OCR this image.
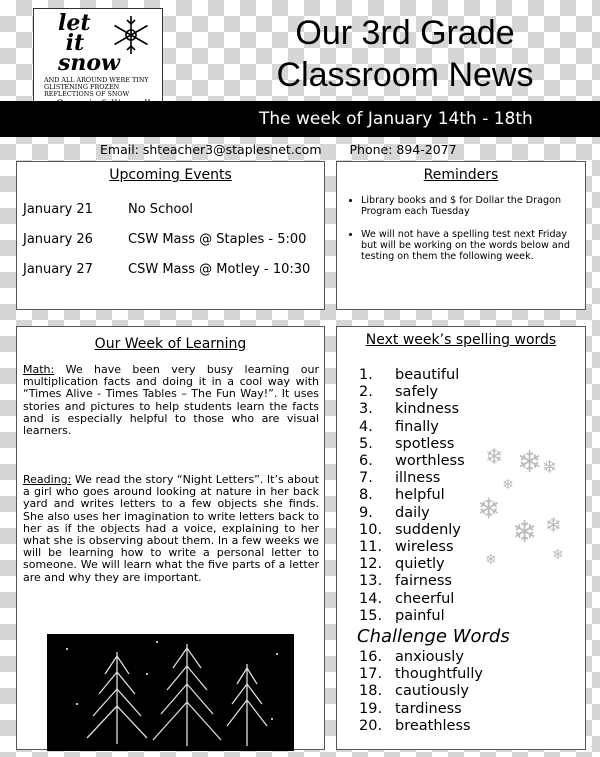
let
it
snow
AND ALL AROUND WERE TINY GLISTENING FROZEN REFLECTIONS OF SNOW
Our 3rd Grade
Classroom News
The week of January 14th - 18th
Email: shteacher3@staplesnet.com Phone: 894-2077
Upcoming Events
January 21	No School
January 26	CSW Mass @ Staples - 5:00
January 27	CSW Mass @ Motley - 10:30
Reminders
• Library books and $ for Dollar the Dragon Program each Tuesday
• We will not have a spelling test next Friday but will be working on the words below and testing on them the following week.
Our Week of Learning
Math: We have been very busy learning our multiplication facts and doing it in a cool way with “Times Alive - Times Tables – The Fun Way!”. It uses stories and pictures to help students learn the facts and is especially helpful to those who are visual learners.
Reading: We read the story “Night Letters”. It’s about a girl who goes around looking at nature in her back yard and writes letters to a few objects she finds. She also uses her imagination to write letters back to her as if the objects had a voice, explaining to her what she is observing about them. In a few weeks we will be learning how to write a personal letter to someone. We will learn what the five parts of a letter are and why they are important.
Next week’s spelling words
❄ ❄ ❄
❄
❄ ❄
❄
❄	❄
1. beautiful
2. safely
3. kindness
4. finally
5. spotless
6. worthless
7. illness
8. helpful
9. daily
10. suddenly
11. wireless
12. quietly
13. fairness
14. cheerful
15. painful
Challenge Words
16. anxiously
17. thoughtfully
18. cautiously
19. tardiness
20. breathless
